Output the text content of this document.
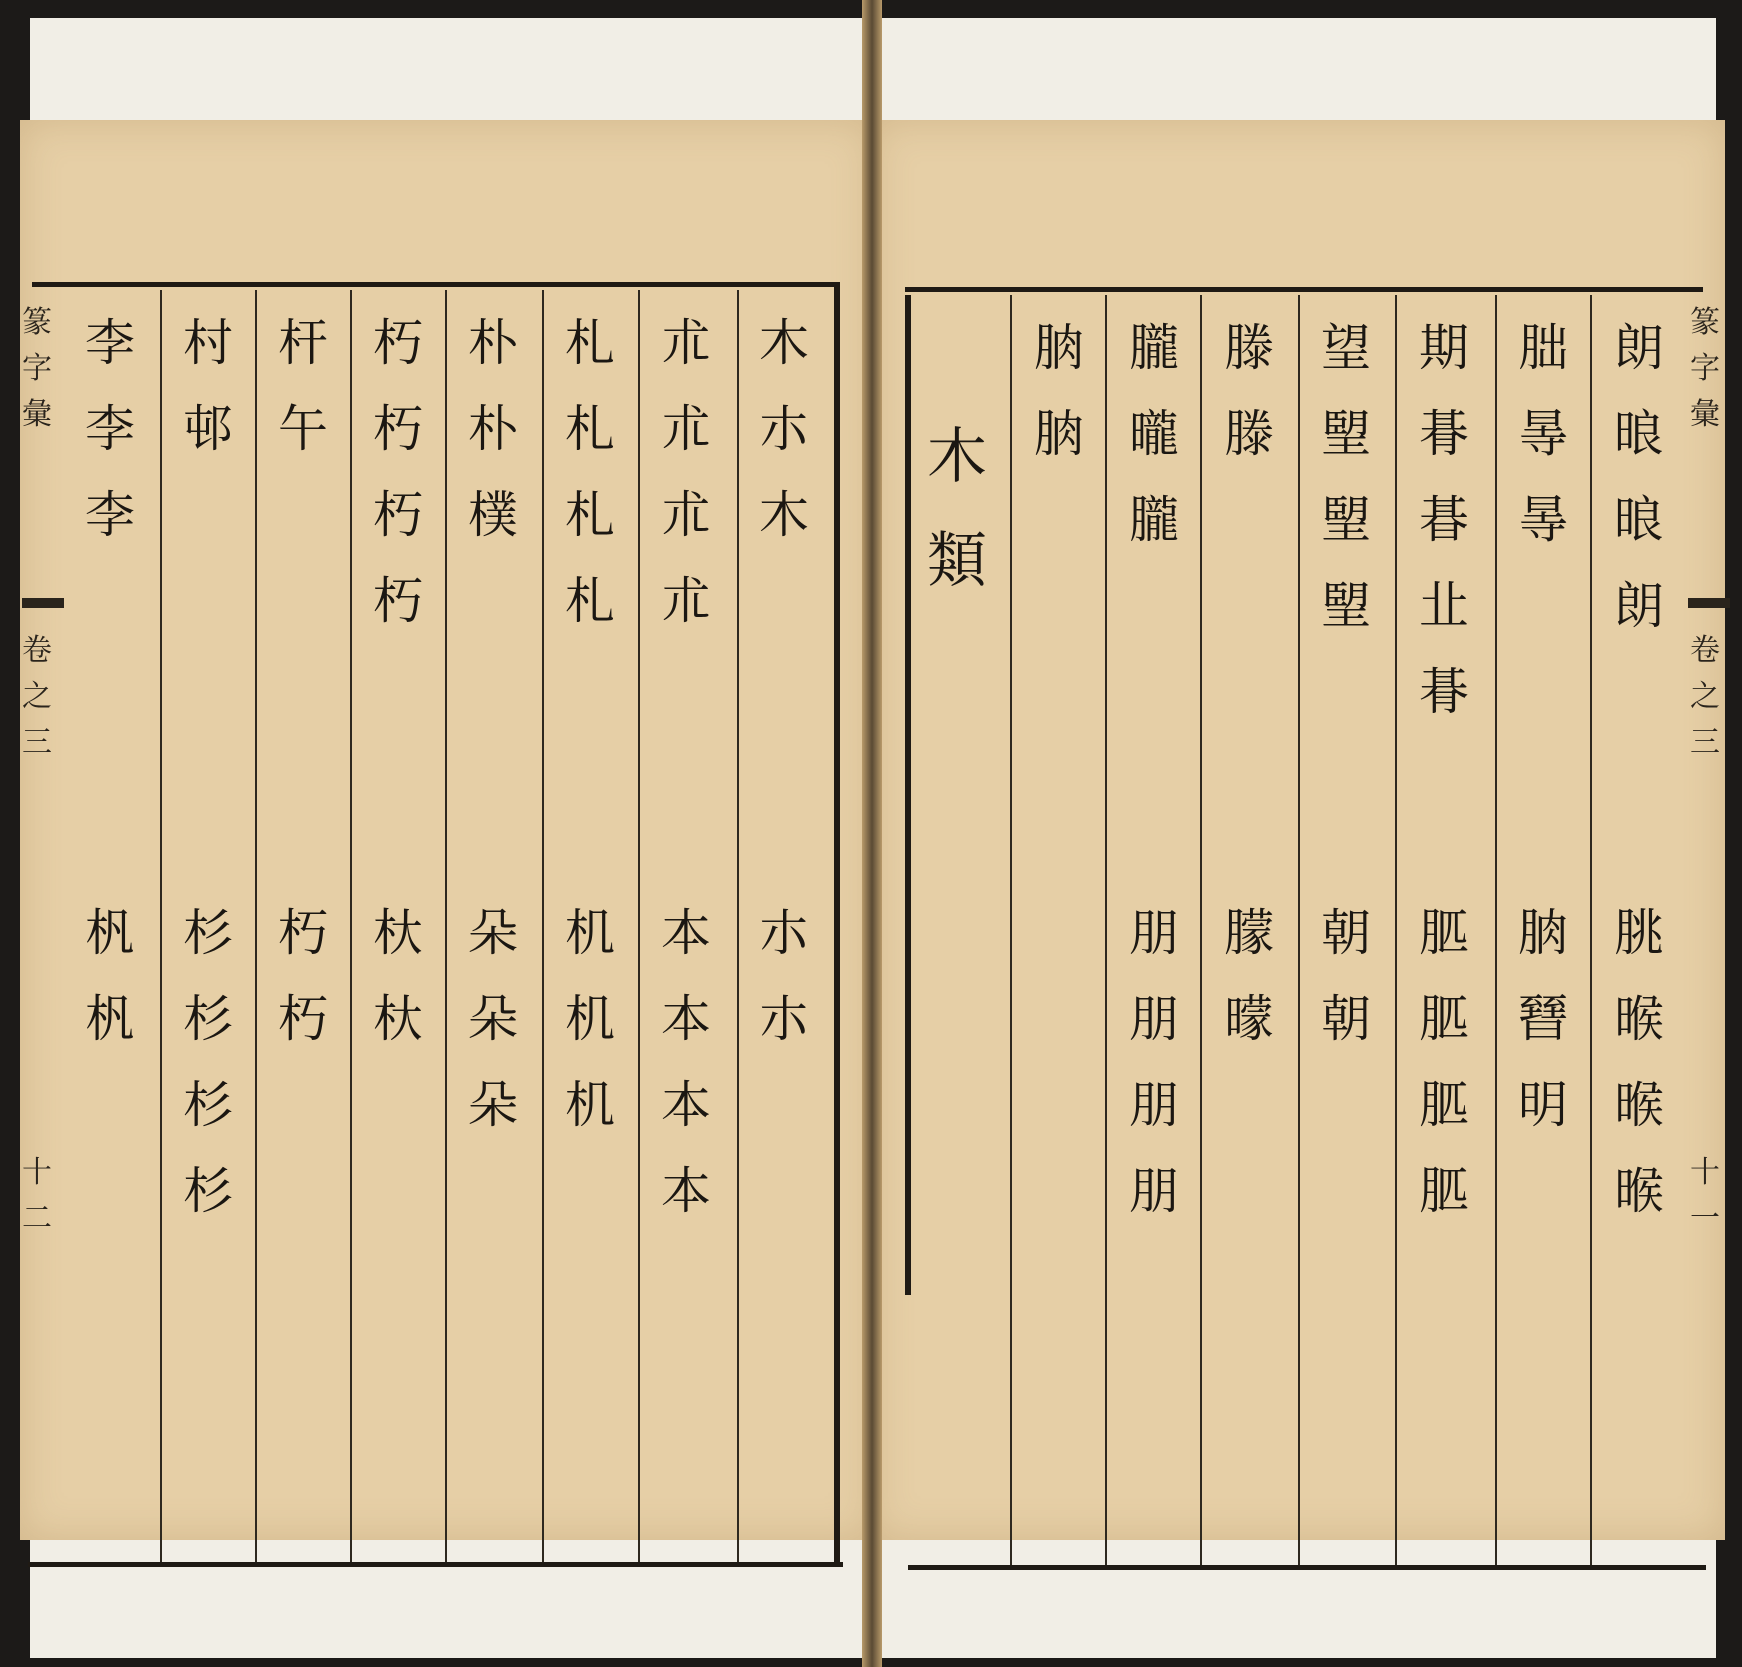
篆字彙
卷之三
十一
篆字彙
卷之三
十二
木
類
朗
㫰
㫰
朗
朓
㬋
㬋
㬋
朏
㫭
㫭
朒
㬜
明
期
朞
㫷
㐀
朞
䏘
䏘
䏘
䏘
望
朢
朢
朢
朝
朝
滕
滕
朦
曚
朧
曨
朧
朋
朋
朋
朋
朒
朒
木
朩
木
朩
朩
朮
朮
朮
朮
本
本
本
本
札
札
札
札
机
机
机
朴
朴
樸
朵
朵
朵
朽
朽
朽
朽
杕
杕
杆
午
朽
朽
村
邨
杉
杉
杉
杉
李
李
李
杋
杋
